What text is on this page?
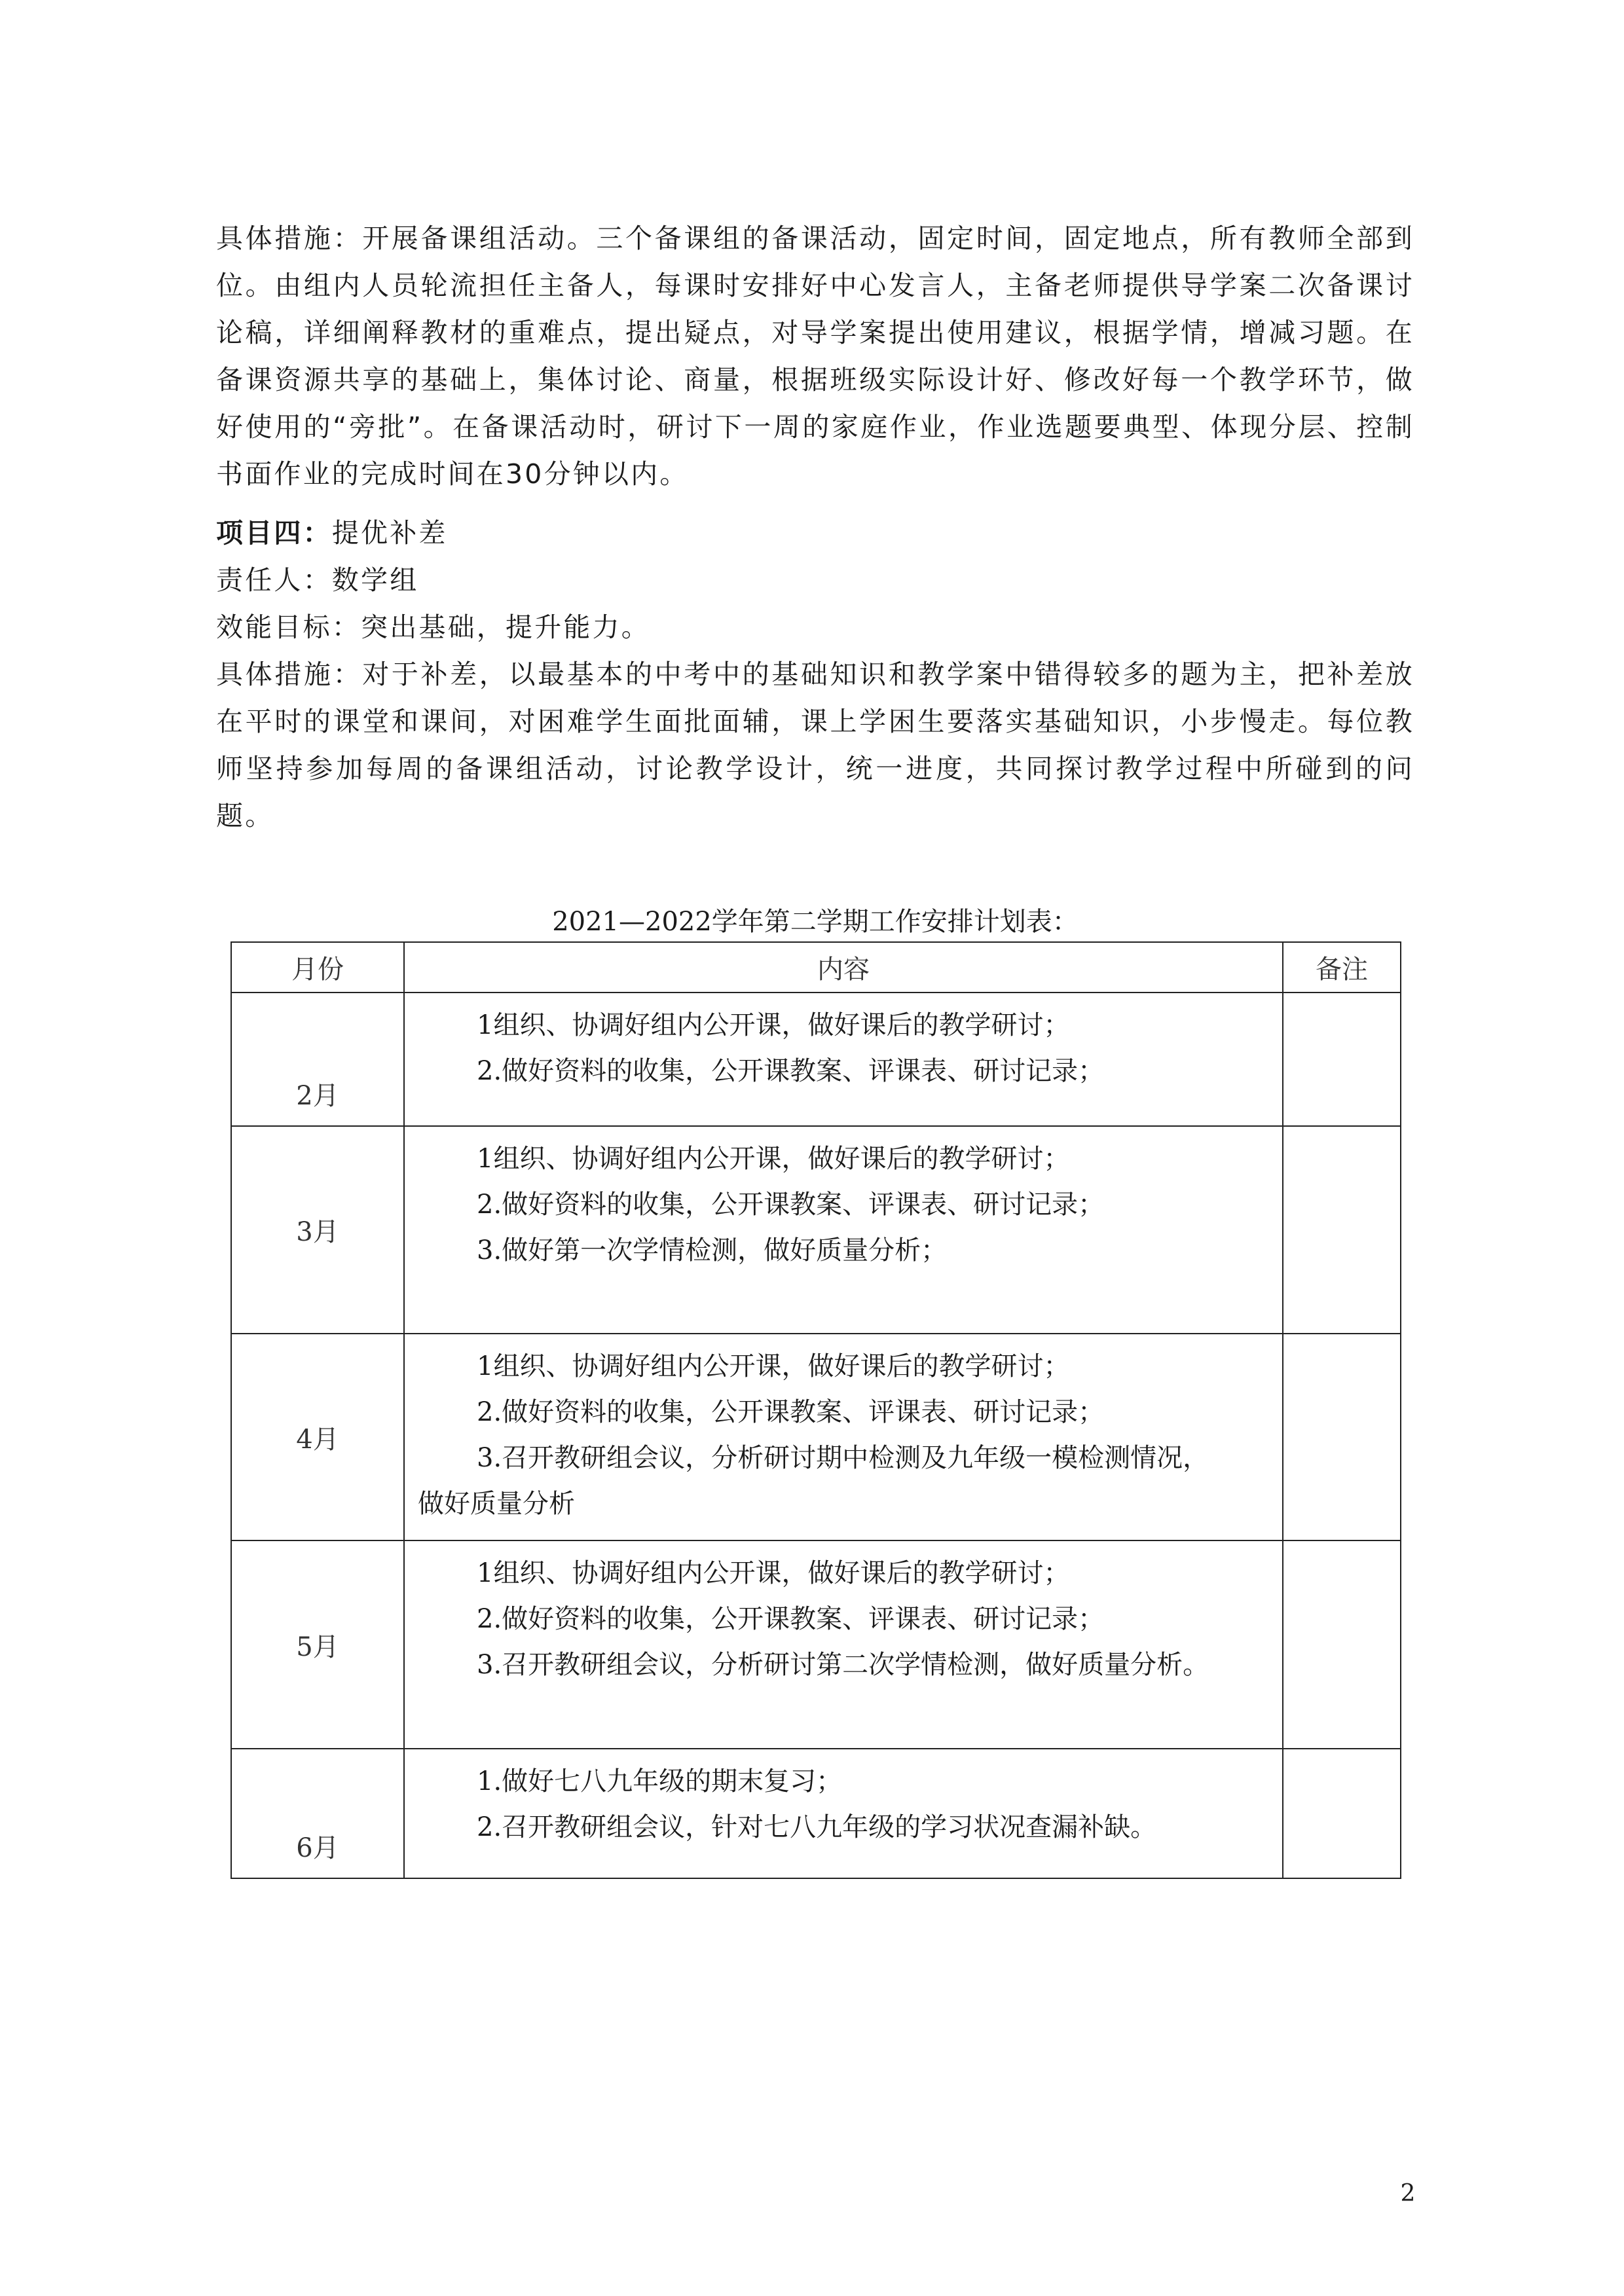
具体措施：开展备课组活动。三个备课组的备课活动，固定时间，固定地点，所有教师全部到位。由组内人员轮流担任主备人，每课时安排好中心发言人，主备老师提供导学案二次备课讨论稿，详细阐释教材的重难点，提出疑点，对导学案提出使用建议，根据学情，增减习题。在备课资源共享的基础上，集体讨论、商量，根据班级实际设计好、修改好每一个教学环节，做好使用的“旁批”。在备课活动时，研讨下一周的家庭作业，作业选题要典型、体现分层、控制书面作业的完成时间在30分钟以内。

项目四：提优补差

责任人：数学组

效能目标：突出基础，提升能力。

具体措施：对于补差，以最基本的中考中的基础知识和教学案中错得较多的题为主，把补差放在平时的课堂和课间，对困难学生面批面辅，课上学困生要落实基础知识，小步慢走。每位教师坚持参加每周的备课组活动，讨论教学设计，统一进度，共同探讨教学过程中所碰到的问题。

2021—2022学年第二学期工作安排计划表：
月份	内容	备注
2月	1组织、协调好组内公开课，做好课后的教学研讨；
2.做好资料的收集，公开课教案、评课表、研讨记录；	

3月	1组织、协调好组内公开课，做好课后的教学研讨；
2.做好资料的收集，公开课教案、评课表、研讨记录；
3.做好第一次学情检测，做好质量分析；	

4月	1组织、协调好组内公开课，做好课后的教学研讨；
2.做好资料的收集，公开课教案、评课表、研讨记录；
3.召开教研组会议，分析研讨期中检测及九年级一模检测情况，
做好质量分析	

5月	1组织、协调好组内公开课，做好课后的教学研讨；
2.做好资料的收集，公开课教案、评课表、研讨记录；
3.召开教研组会议，分析研讨第二次学情检测，做好质量分析。	

6月	1.做好七八九年级的期末复习；
2.召开教研组会议，针对七八九年级的学习状况查漏补缺。	

2
